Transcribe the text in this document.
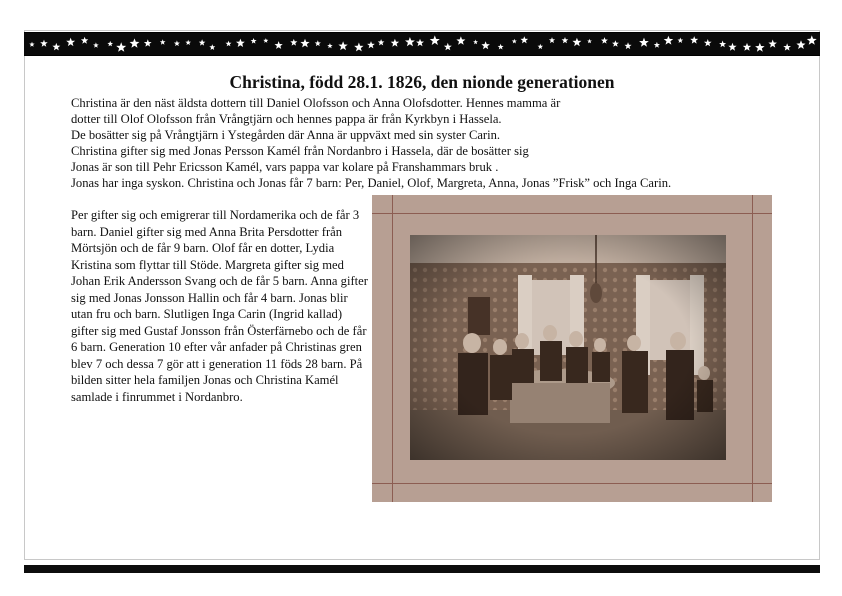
Christina, född 28.1. 1826, den nionde generationen

Christina är den näst äldsta dottern till Daniel Olofsson och Anna Olofsdotter. Hennes mamma är

dotter till Olof Olofsson från Vrångtjärn och hennes pappa är från Kyrkbyn i Hassela.

De bosätter sig på Vrångtjärn i Ystegården där Anna är uppväxt med sin syster Carin.

Christina gifter sig med Jonas Persson Kamél från Nordanbro i Hassela, där de bosätter sig

Jonas är son till Pehr Ericsson Kamél, vars pappa var kolare på Franshammars bruk .

Jonas har inga syskon. Christina och Jonas får 7 barn: Per, Daniel, Olof, Margreta, Anna, Jonas ”Frisk” och Inga Carin.

Per gifter sig och emigrerar till Nordamerika och de får 3 barn. Daniel gifter sig med Anna Brita Persdotter från Mörtsjön och de får 9 barn. Olof får en dotter, Lydia Kristina som flyttar till Stöde. Margreta gifter sig med Johan Erik Andersson Svang och de får 5 barn. Anna gifter sig med Jonas Jonsson Hallin och får 4 barn. Jonas blir utan fru och barn. Slutligen Inga Carin (Ingrid kallad) gifter sig med Gustaf Jonsson från Österfärnebo och de får 6 barn. Generation 10 efter vår anfader på Christinas gren blev 7 och dessa 7 gör att i generation 11 föds 28 barn. På bilden sitter hela familjen Jonas och Christina Kamél samlade i finrummet i Nordanbro.
